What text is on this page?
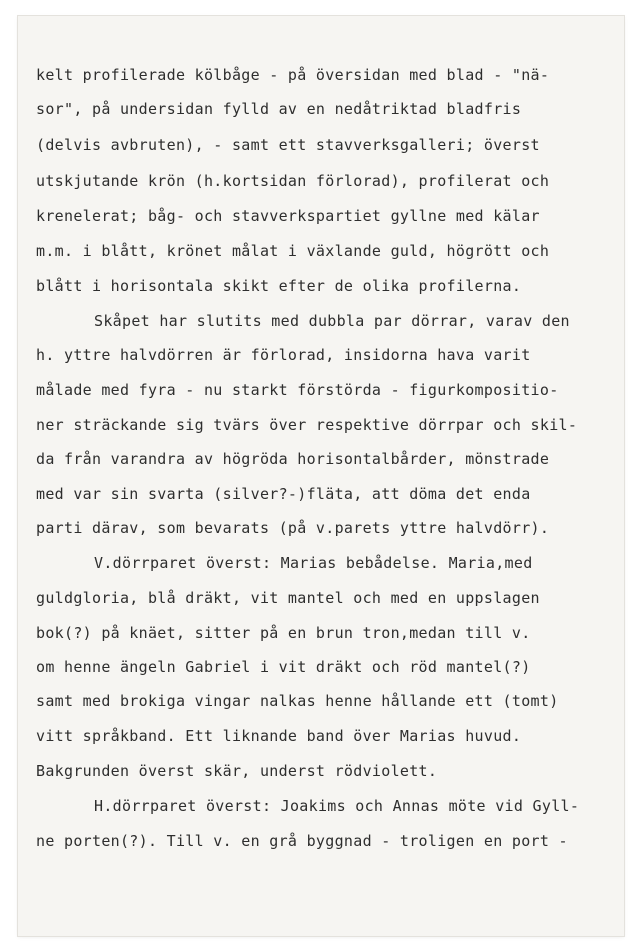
kelt profilerade kölbåge - på översidan med blad - "nä-
sor", på undersidan fylld av en nedåtriktad bladfris
(delvis avbruten), - samt ett stavverksgalleri; överst
utskjutande krön (h.kortsidan förlorad), profilerat och
krenelerat; båg- och stavverkspartiet gyllne med kälar
m.m. i blått, krönet målat i växlande guld, högrött och
blått i horisontala skikt efter de olika profilerna.
Skåpet har slutits med dubbla par dörrar, varav den
h. yttre halvdörren är förlorad, insidorna hava varit
målade med fyra - nu starkt förstörda - figurkompositio-
ner sträckande sig tvärs över respektive dörrpar och skil-
da från varandra av högröda horisontalbårder, mönstrade
med var sin svarta (silver?-)fläta, att döma det enda
parti därav, som bevarats (på v.parets yttre halvdörr).
V.dörrparet överst: Marias bebådelse. Maria,med
guldgloria, blå dräkt, vit mantel och med en uppslagen
bok(?) på knäet, sitter på en brun tron,medan till v.
om henne ängeln Gabriel i vit dräkt och röd mantel(?)
samt med brokiga vingar nalkas henne hållande ett (tomt)
vitt språkband. Ett liknande band över Marias huvud.
Bakgrunden överst skär, underst rödviolett.
H.dörrparet överst: Joakims och Annas möte vid Gyll-
ne porten(?). Till v. en grå byggnad - troligen en port -
